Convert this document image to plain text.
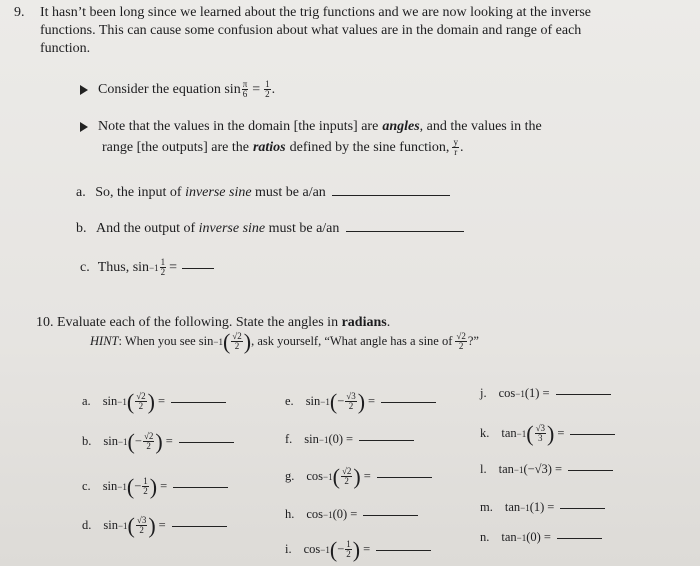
9. It hasn’t been long since we learned about the trig functions and we are now looking at the inverse
functions. This can cause some confusion about what values are in the domain and range of each
function.
Consider the equation $\sin \frac{\pi}{6} = \frac{1}{2}$ .
Note that the values in the domain [the inputs] are angles , and the values in the
range [the outputs] are the ratios defined by the sine function, $\frac{y}{r}$ .
a. So, the input of inverse sine must be a/an
b. And the output of inverse sine must be a/an
c. Thus, $\sin -1 \frac{1}{2}$ =
10. Evaluate each of the following. State the angles in radians.
HINT : When you see sin −1 ( $\frac{√2}{2}$ ) , ask yourself, “What angle has a sine of $\frac{√2}{2}$ ?”
a. sin −1 ( $\frac{√2}{2}$ ) =
b. sin −1 ( − $\frac{√2}{2}$ ) =
c. sin −1 ( − $\frac{1}{2}$ ) =
d. sin −1 ( $\frac{√3}{2}$ ) =
e. sin −1 ( − $\frac{√3}{2}$ ) =
f. sin −1 (0) =
g. cos −1 ( $\frac{√2}{2}$ ) =
h. cos −1 (0) =
i. cos −1 ( − $\frac{1}{2}$ ) =
j. cos −1 (1) =
k. tan −1 ( $\frac{√3}{3}$ ) =
l. tan −1 (−√3) =
m. tan −1 (1) =
n. tan −1 (0) =
